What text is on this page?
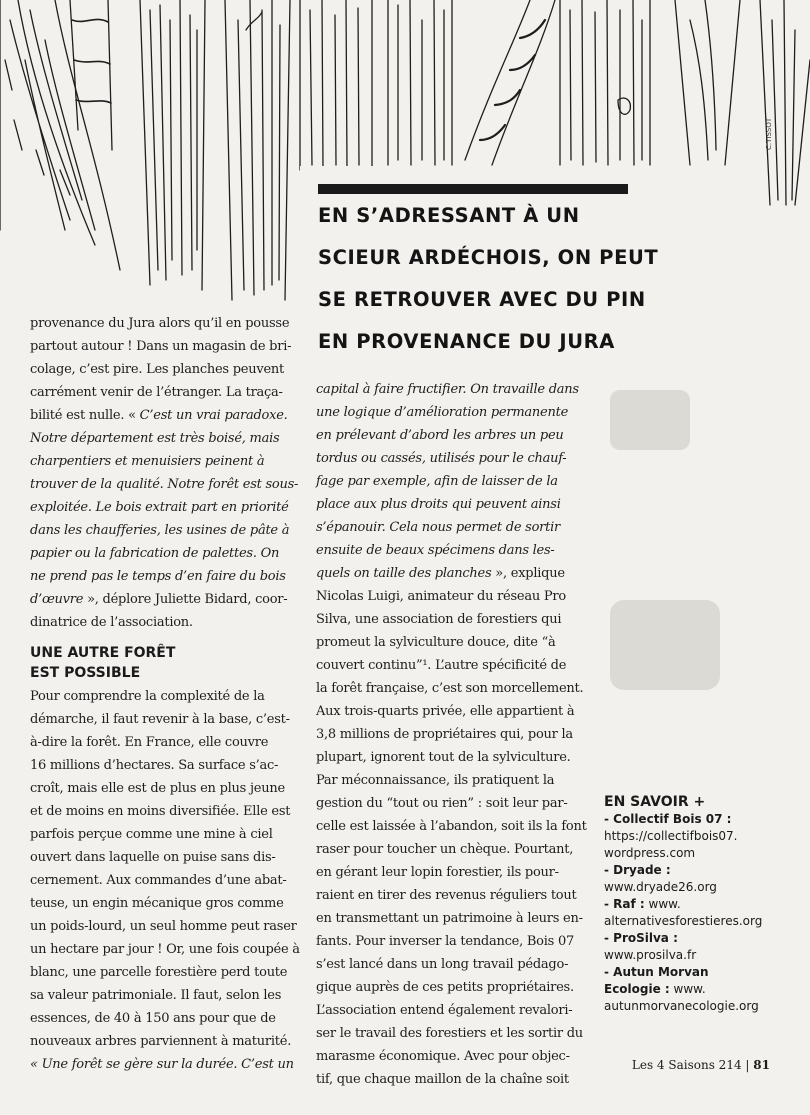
C.TISSOT
EN S’ADRESSANT À UN
SCIEUR ARDÉCHOIS, ON PEUT
SE RETROUVER AVEC DU PIN
EN PROVENANCE DU JURA
provenance du Jura alors qu’il en pousse
partout autour ! Dans un magasin de bri-
colage, c’est pire. Les planches peuvent
carrément venir de l’étranger. La traça-
bilité est nulle. « C’est un vrai paradoxe.
Notre département est très boisé, mais
charpentiers et menuisiers peinent à
trouver de la qualité. Notre forêt est sous-
exploitée. Le bois extrait part en priorité
dans les chaufferies, les usines de pâte à
papier ou la fabrication de palettes. On
ne prend pas le temps d’en faire du bois
d’œuvre », déplore Juliette Bidard, coor-
dinatrice de l’association.
UNE AUTRE FORÊT
EST POSSIBLE
Pour comprendre la complexité de la
démarche, il faut revenir à la base, c’est-
à-dire la forêt. En France, elle couvre
16 millions d’hectares. Sa surface s’ac-
croît, mais elle est de plus en plus jeune
et de moins en moins diversifiée. Elle est
parfois perçue comme une mine à ciel
ouvert dans laquelle on puise sans dis-
cernement. Aux commandes d’une abat-
teuse, un engin mécanique gros comme
un poids-lourd, un seul homme peut raser
un hectare par jour ! Or, une fois coupée à
blanc, une parcelle forestière perd toute
sa valeur patrimoniale. Il faut, selon les
essences, de 40 à 150 ans pour que de
nouveaux arbres parviennent à maturité.
« Une forêt se gère sur la durée. C’est un
capital à faire fructifier. On travaille dans
une logique d’amélioration permanente
en prélevant d’abord les arbres un peu
tordus ou cassés, utilisés pour le chauf-
fage par exemple, afin de laisser de la
place aux plus droits qui peuvent ainsi
s’épanouir. Cela nous permet de sortir
ensuite de beaux spécimens dans les-
quels on taille des planches », explique
Nicolas Luigi, animateur du réseau Pro
Silva, une association de forestiers qui
promeut la sylviculture douce, dite “à
couvert continu”¹. L’autre spécificité de
la forêt française, c’est son morcellement.
Aux trois-quarts privée, elle appartient à
3,8 millions de propriétaires qui, pour la
plupart, ignorent tout de la sylviculture.
Par méconnaissance, ils pratiquent la
gestion du “tout ou rien” : soit leur par-
celle est laissée à l’abandon, soit ils la font
raser pour toucher un chèque. Pourtant,
en gérant leur lopin forestier, ils pour-
raient en tirer des revenus réguliers tout
en transmettant un patrimoine à leurs en-
fants. Pour inverser la tendance, Bois 07
s’est lancé dans un long travail pédago-
gique auprès de ces petits propriétaires.
L’association entend également revalori-
ser le travail des forestiers et les sortir du
marasme économique. Avec pour objec-
tif, que chaque maillon de la chaîne soit
EN SAVOIR +
- Collectif Bois 07 :
https://collectifbois07.
wordpress.com
- Dryade :
www.dryade26.org
- Raf : www.
alternativesforestieres.org
- ProSilva :
www.prosilva.fr
- Autun Morvan
Ecologie : www.
autunmorvanecologie.org
Les 4 Saisons 214 | 81
